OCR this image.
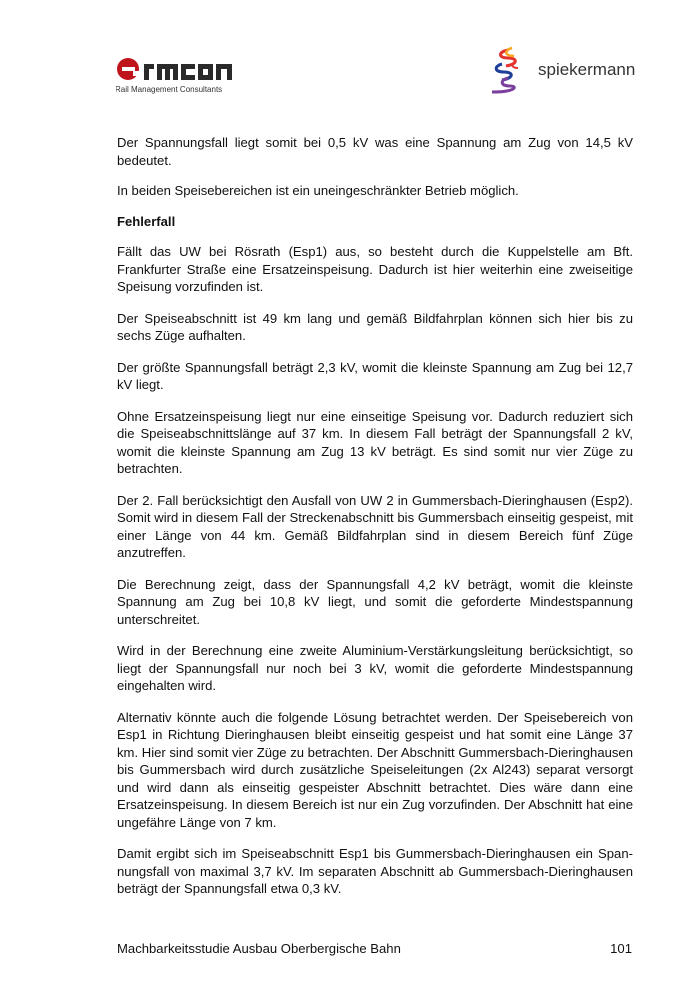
Rail Management Consultants
spiekermann

Der Spannungsfall liegt somit bei 0,5 kV was eine Spannung am Zug von 14,5 kV bedeutet.

In beiden Speisebereichen ist ein uneingeschränkter Betrieb möglich.

Fehlerfall

Fällt das UW bei Rösrath (Esp1) aus, so besteht durch die Kuppelstelle am Bft. Frankfurter Straße eine Ersatzeinspeisung. Dadurch ist hier weiterhin eine zweiseitige Speisung vorzufinden ist.

Der Speiseabschnitt ist 49 km lang und gemäß Bildfahrplan können sich hier bis zu sechs Züge aufhalten.

Der größte Spannungsfall beträgt 2,3 kV, womit die kleinste Spannung am Zug bei 12,7 kV liegt.

Ohne Ersatzeinspeisung liegt nur eine einseitige Speisung vor. Dadurch reduziert sich die Speiseabschnittslänge auf 37 km. In diesem Fall beträgt der Spannungsfall 2 kV, womit die kleinste Spannung am Zug 13 kV beträgt. Es sind somit nur vier Züge zu betrachten.

Der 2. Fall berücksichtigt den Ausfall von UW 2 in Gummersbach-Dieringhausen (Esp2). Somit wird in diesem Fall der Streckenabschnitt bis Gummersbach einseitig gespeist, mit einer Länge von 44 km. Gemäß Bildfahrplan sind in diesem Bereich fünf Züge anzutreffen.

Die Berechnung zeigt, dass der Spannungsfall 4,2 kV beträgt, womit die kleinste Spannung am Zug bei 10,8 kV liegt, und somit die geforderte Mindestspannung unterschreitet.

Wird in der Berechnung eine zweite Aluminium-Verstärkungsleitung berücksichtigt, so liegt der Spannungsfall nur noch bei 3 kV, womit die geforderte Mindestspannung eingehalten wird.

Alternativ könnte auch die folgende Lösung betrachtet werden. Der Speisebereich von Esp1 in Richtung Dieringhausen bleibt einseitig gespeist und hat somit eine Länge 37 km. Hier sind somit vier Züge zu betrachten. Der Abschnitt Gummersbach-Dieringhausen bis Gummersbach wird durch zusätzliche Speiseleitungen (2x Al243) separat versorgt und wird dann als einseitig gespeister Abschnitt betrachtet. Dies wäre dann eine Ersatzeinspeisung. In diesem Bereich ist nur ein Zug vorzufinden. Der Abschnitt hat eine ungefähre Länge von 7 km.

Damit ergibt sich im Speiseabschnitt Esp1 bis Gummersbach-Dieringhausen ein Spannungsfall von maximal 3,7 kV. Im separaten Abschnitt ab Gummersbach-Dieringhausen beträgt der Spannungsfall etwa 0,3 kV.

Machbarkeitsstudie Ausbau Oberbergische Bahn	101
